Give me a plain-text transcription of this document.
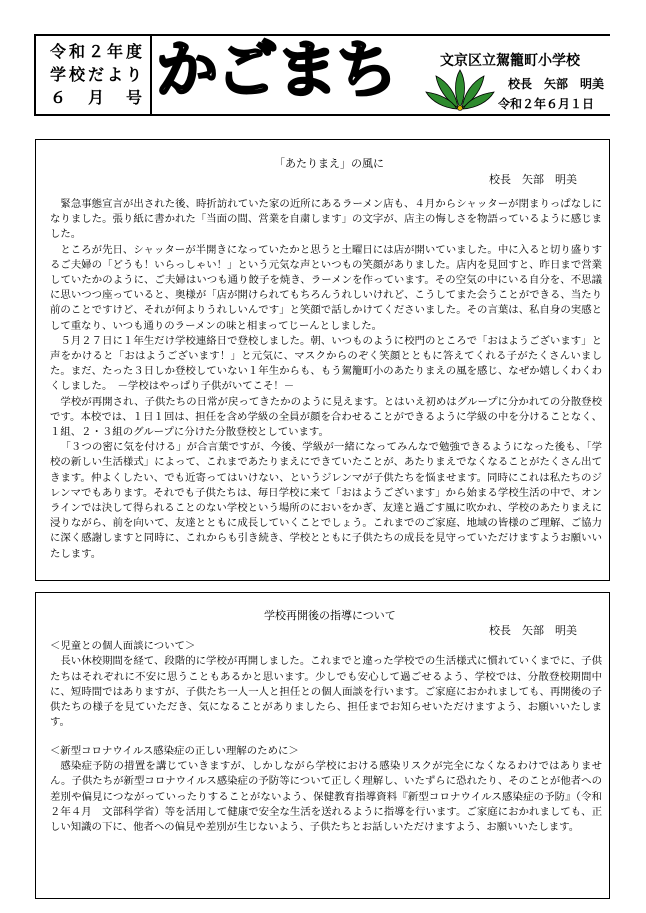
令和２年度
学校だより
６　月　号 かごまち	文京区立駕籠町小学校
校長　矢部　明美
令和２年６月１日
「あたりまえ」の風に
校長　矢部　明美

緊急事態宣言が出された後、時折訪れていた家の近所にあるラーメン店も、４月からシャッターが閉まりっぱなしになりました。張り紙に書かれた「当面の間、営業を自粛します」の文字が、店主の悔しさを物語っているように感じました。

ところが先日、シャッターが半開きになっていたかと思うと土曜日には店が開いていました。中に入ると切り盛りするご夫婦の「どうも！いらっしゃい！」という元気な声といつもの笑顔がありました。店内を見回すと、昨日まで営業していたかのように、ご夫婦はいつも通り餃子を焼き、ラーメンを作っています。その空気の中にいる自分を、不思議に思いつつ座っていると、奥様が「店が開けられてもちろんうれしいけれど、こうしてまた会うことができる、当たり前のことですけど、それが何よりうれしいんです」と笑顔で話しかけてくださいました。その言葉は、私自身の実感として重なり、いつも通りのラーメンの味と相まってじーんとしました。

５月２７日に１年生だけ学校連絡日で登校しました。朝、いつものように校門のところで「おはようございます」と声をかけると「おはようございます！」と元気に、マスクからのぞく笑顔とともに答えてくれる子がたくさんいました。まだ、たった３日しか登校していない１年生からも、もう駕籠町小のあたりまえの風を感じ、なぜか嬉しくわくわくしました。　－学校はやっぱり子供がいてこそ！－

学校が再開され、子供たちの日常が戻ってきたかのように見えます。とはいえ初めはグループに分かれての分散登校です。本校では、１日１回は、担任を含め学級の全員が顔を合わせることができるように学級の中を分けることなく、１組、２・３組のグループに分けた分散登校としています。

「３つの密に気を付ける」が合言葉ですが、今後、学級が一緒になってみんなで勉強できるようになった後も、「学校の新しい生活様式」によって、これまであたりまえにできていたことが、あたりまえでなくなることがたくさん出てきます。仲よくしたい、でも近寄ってはいけない、というジレンマが子供たちを悩ませます。同時にこれは私たちのジレンマでもあります。それでも子供たちは、毎日学校に来て「おはようございます」から始まる学校生活の中で、オンラインでは決して得られることのない学校という場所のにおいをかぎ、友達と過ごす風に吹かれ、学校のあたりまえに浸りながら、前を向いて、友達とともに成長していくことでしょう。これまでのご家庭、地域の皆様のご理解、ご協力に深く感謝しますと同時に、これからも引き続き、学校とともに子供たちの成長を見守っていただけますようお願いいたします。

学校再開後の指導について
校長　矢部　明美

＜児童との個人面談について＞

長い休校期間を経て、段階的に学校が再開しました。これまでと違った学校での生活様式に慣れていくまでに、子供たちはそれぞれに不安に思うこともあるかと思います。少しでも安心して過ごせるよう、学校では、分散登校期間中に、短時間ではありますが、子供たち一人一人と担任との個人面談を行います。ご家庭におかれましても、再開後の子供たちの様子を見ていただき、気になることがありましたら、担任までお知らせいただけますよう、お願いいたします。

＜新型コロナウイルス感染症の正しい理解のために＞

感染症予防の措置を講じていきますが、しかしながら学校における感染リスクが完全になくなるわけではありません。子供たちが新型コロナウイルス感染症の予防等について正しく理解し、いたずらに恐れたり、そのことが他者への差別や偏見につながっていったりすることがないよう、保健教育指導資料『新型コロナウイルス感染症の予防』（令和２年４月　文部科学省）等を活用して健康で安全な生活を送れるように指導を行います。ご家庭におかれましても、正しい知識の下に、他者への偏見や差別が生じないよう、子供たちとお話しいただけますよう、お願いいたします。
